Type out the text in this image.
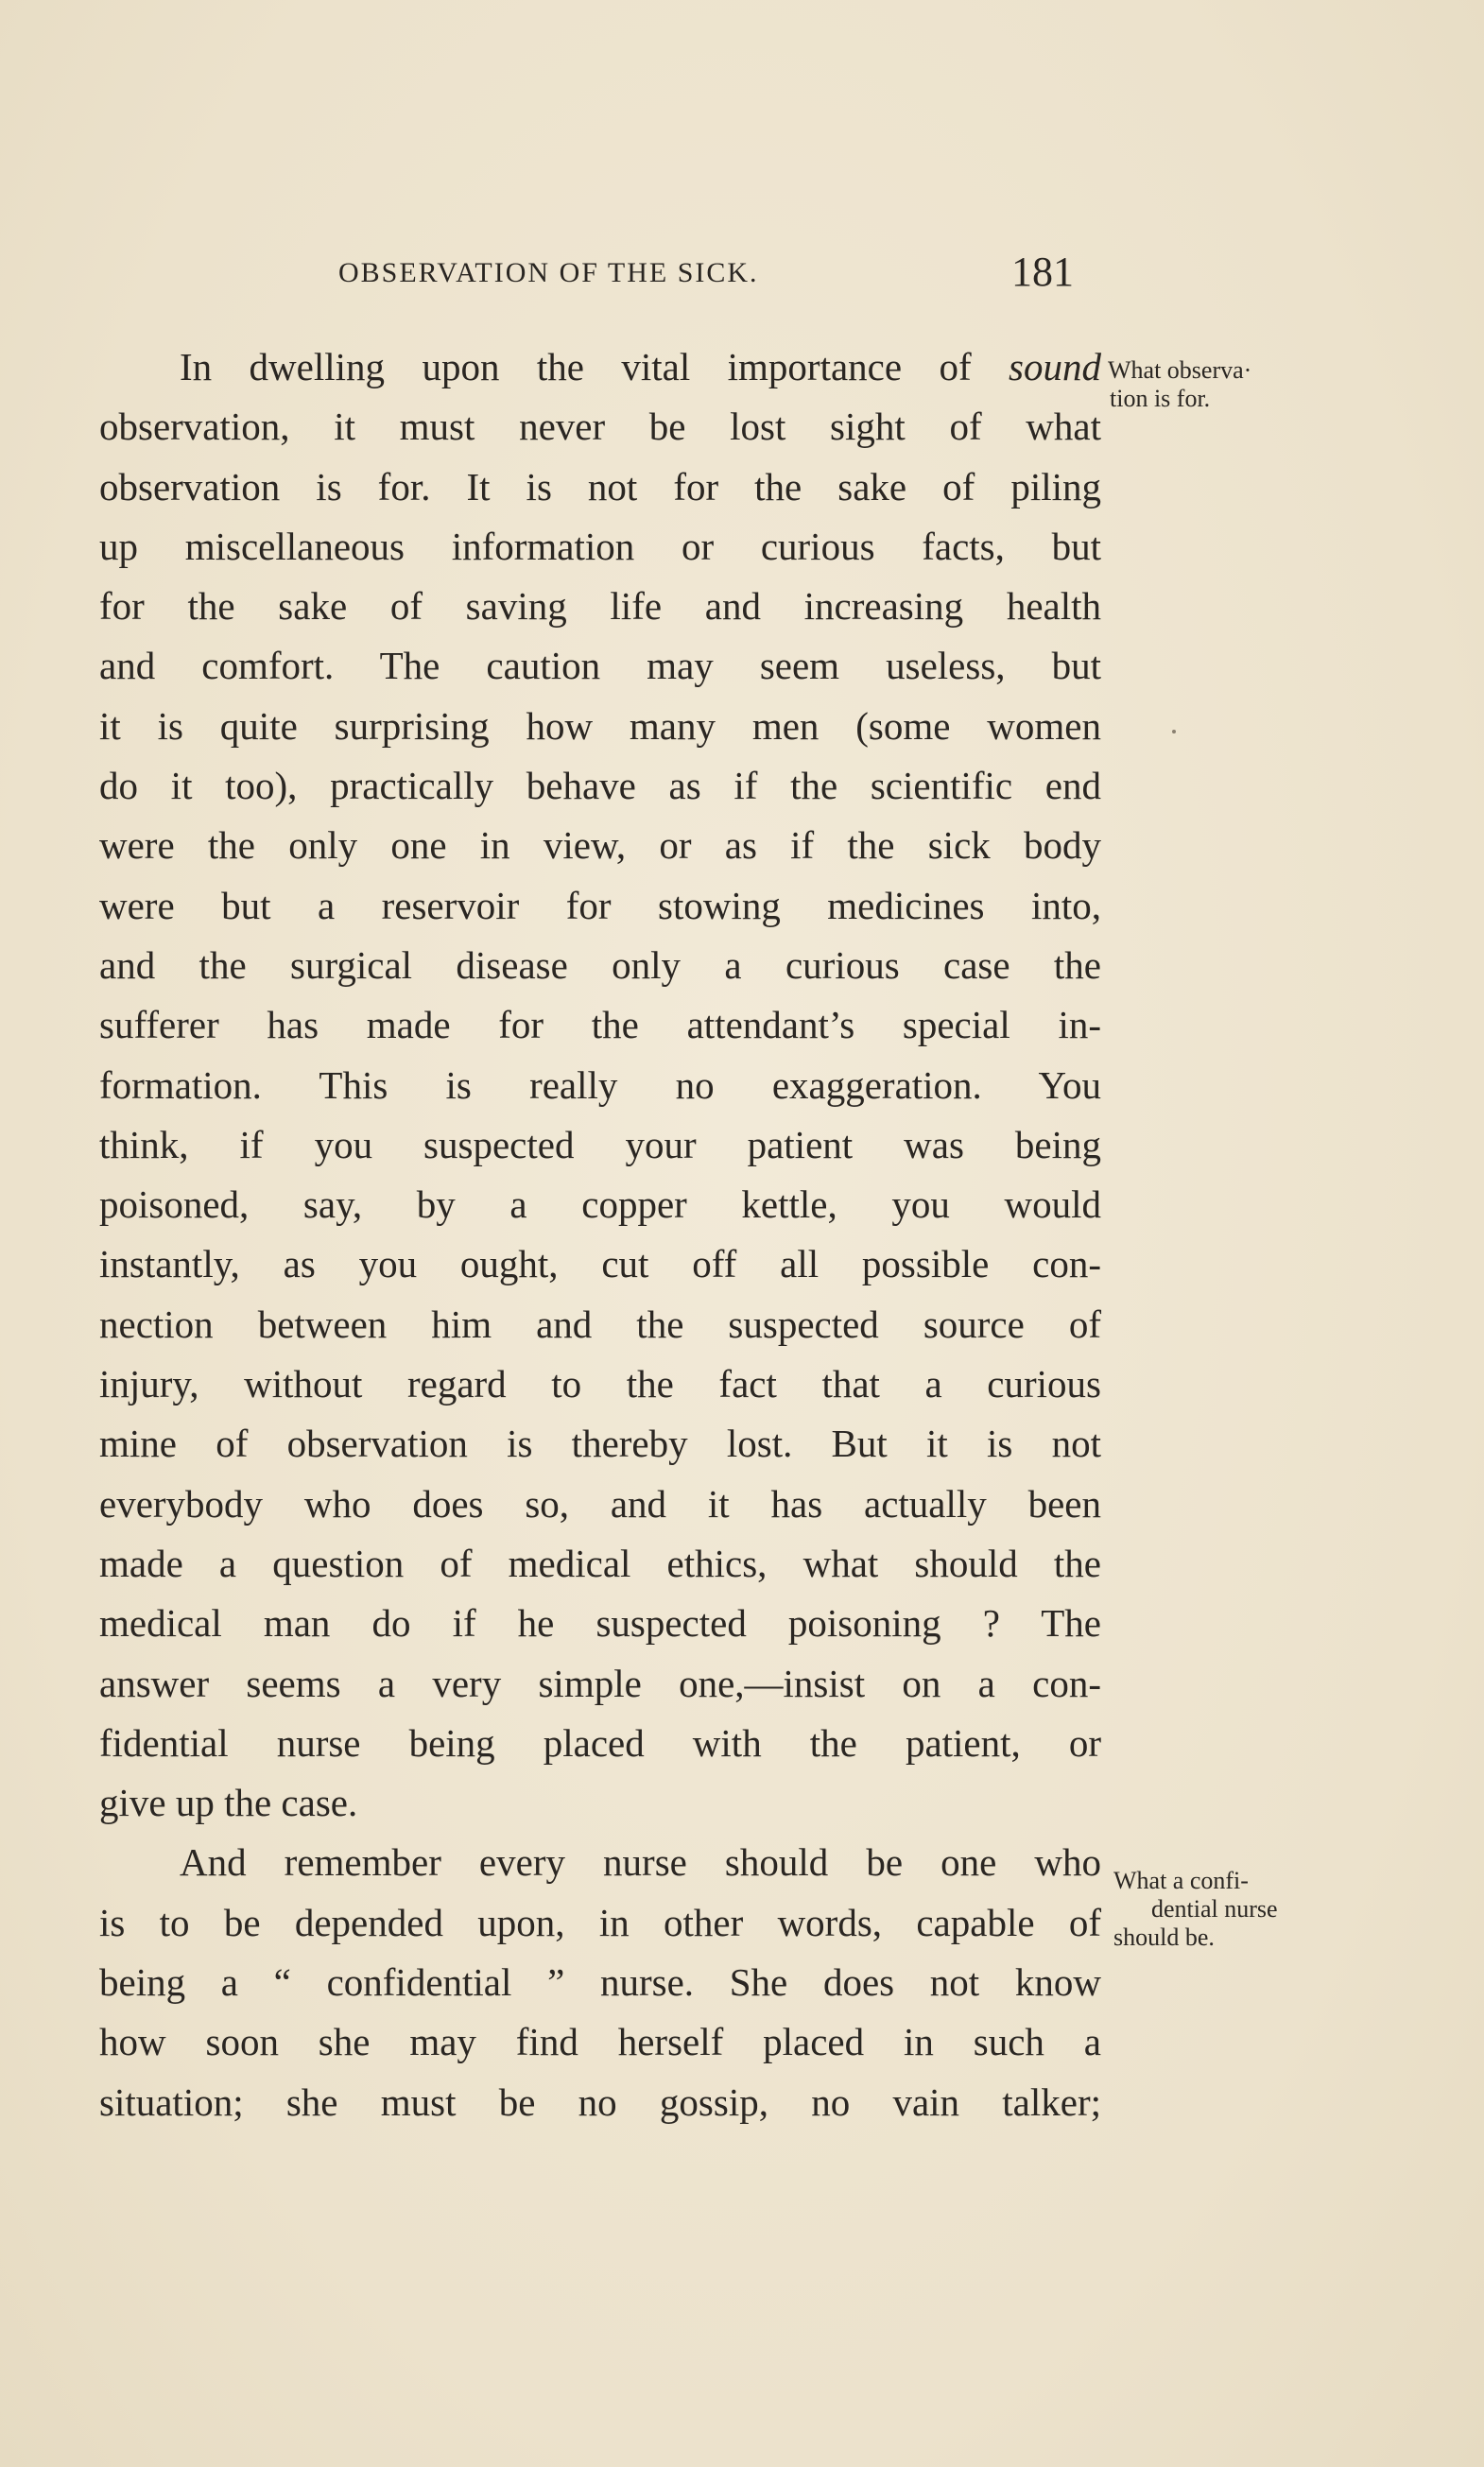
OBSERVATION OF THE SICK.	181
In dwelling upon the vital importance of sound
observation, it must never be lost sight of what
observation is for. It is not for the sake of piling
up miscellaneous information or curious facts, but
for the sake of saving life and increasing health
and comfort. The caution may seem useless, but
it is quite surprising how many men (some women
do it too), practically behave as if the scientific end
were the only one in view, or as if the sick body
were but a reservoir for stowing medicines into,
and the surgical disease only a curious case the
sufferer has made for the attendant’s special in-
formation. This is really no exaggeration. You
think, if you suspected your patient was being
poisoned, say, by a copper kettle, you would
instantly, as you ought, cut off all possible con-
nection between him and the suspected source of
injury, without regard to the fact that a curious
mine of observation is thereby lost. But it is not
everybody who does so, and it has actually been
made a question of medical ethics, what should the
medical man do if he suspected poisoning ? The
answer seems a very simple one,—insist on a con-
fidential nurse being placed with the patient, or
give up the case.
And remember every nurse should be one who
is to be depended upon, in other words, capable of
being a “ confidential ” nurse. She does not know
how soon she may find herself placed in such a
situation; she must be no gossip, no vain talker;
What observa·
tion is for.
What a confi-
dential nurse
should be.
